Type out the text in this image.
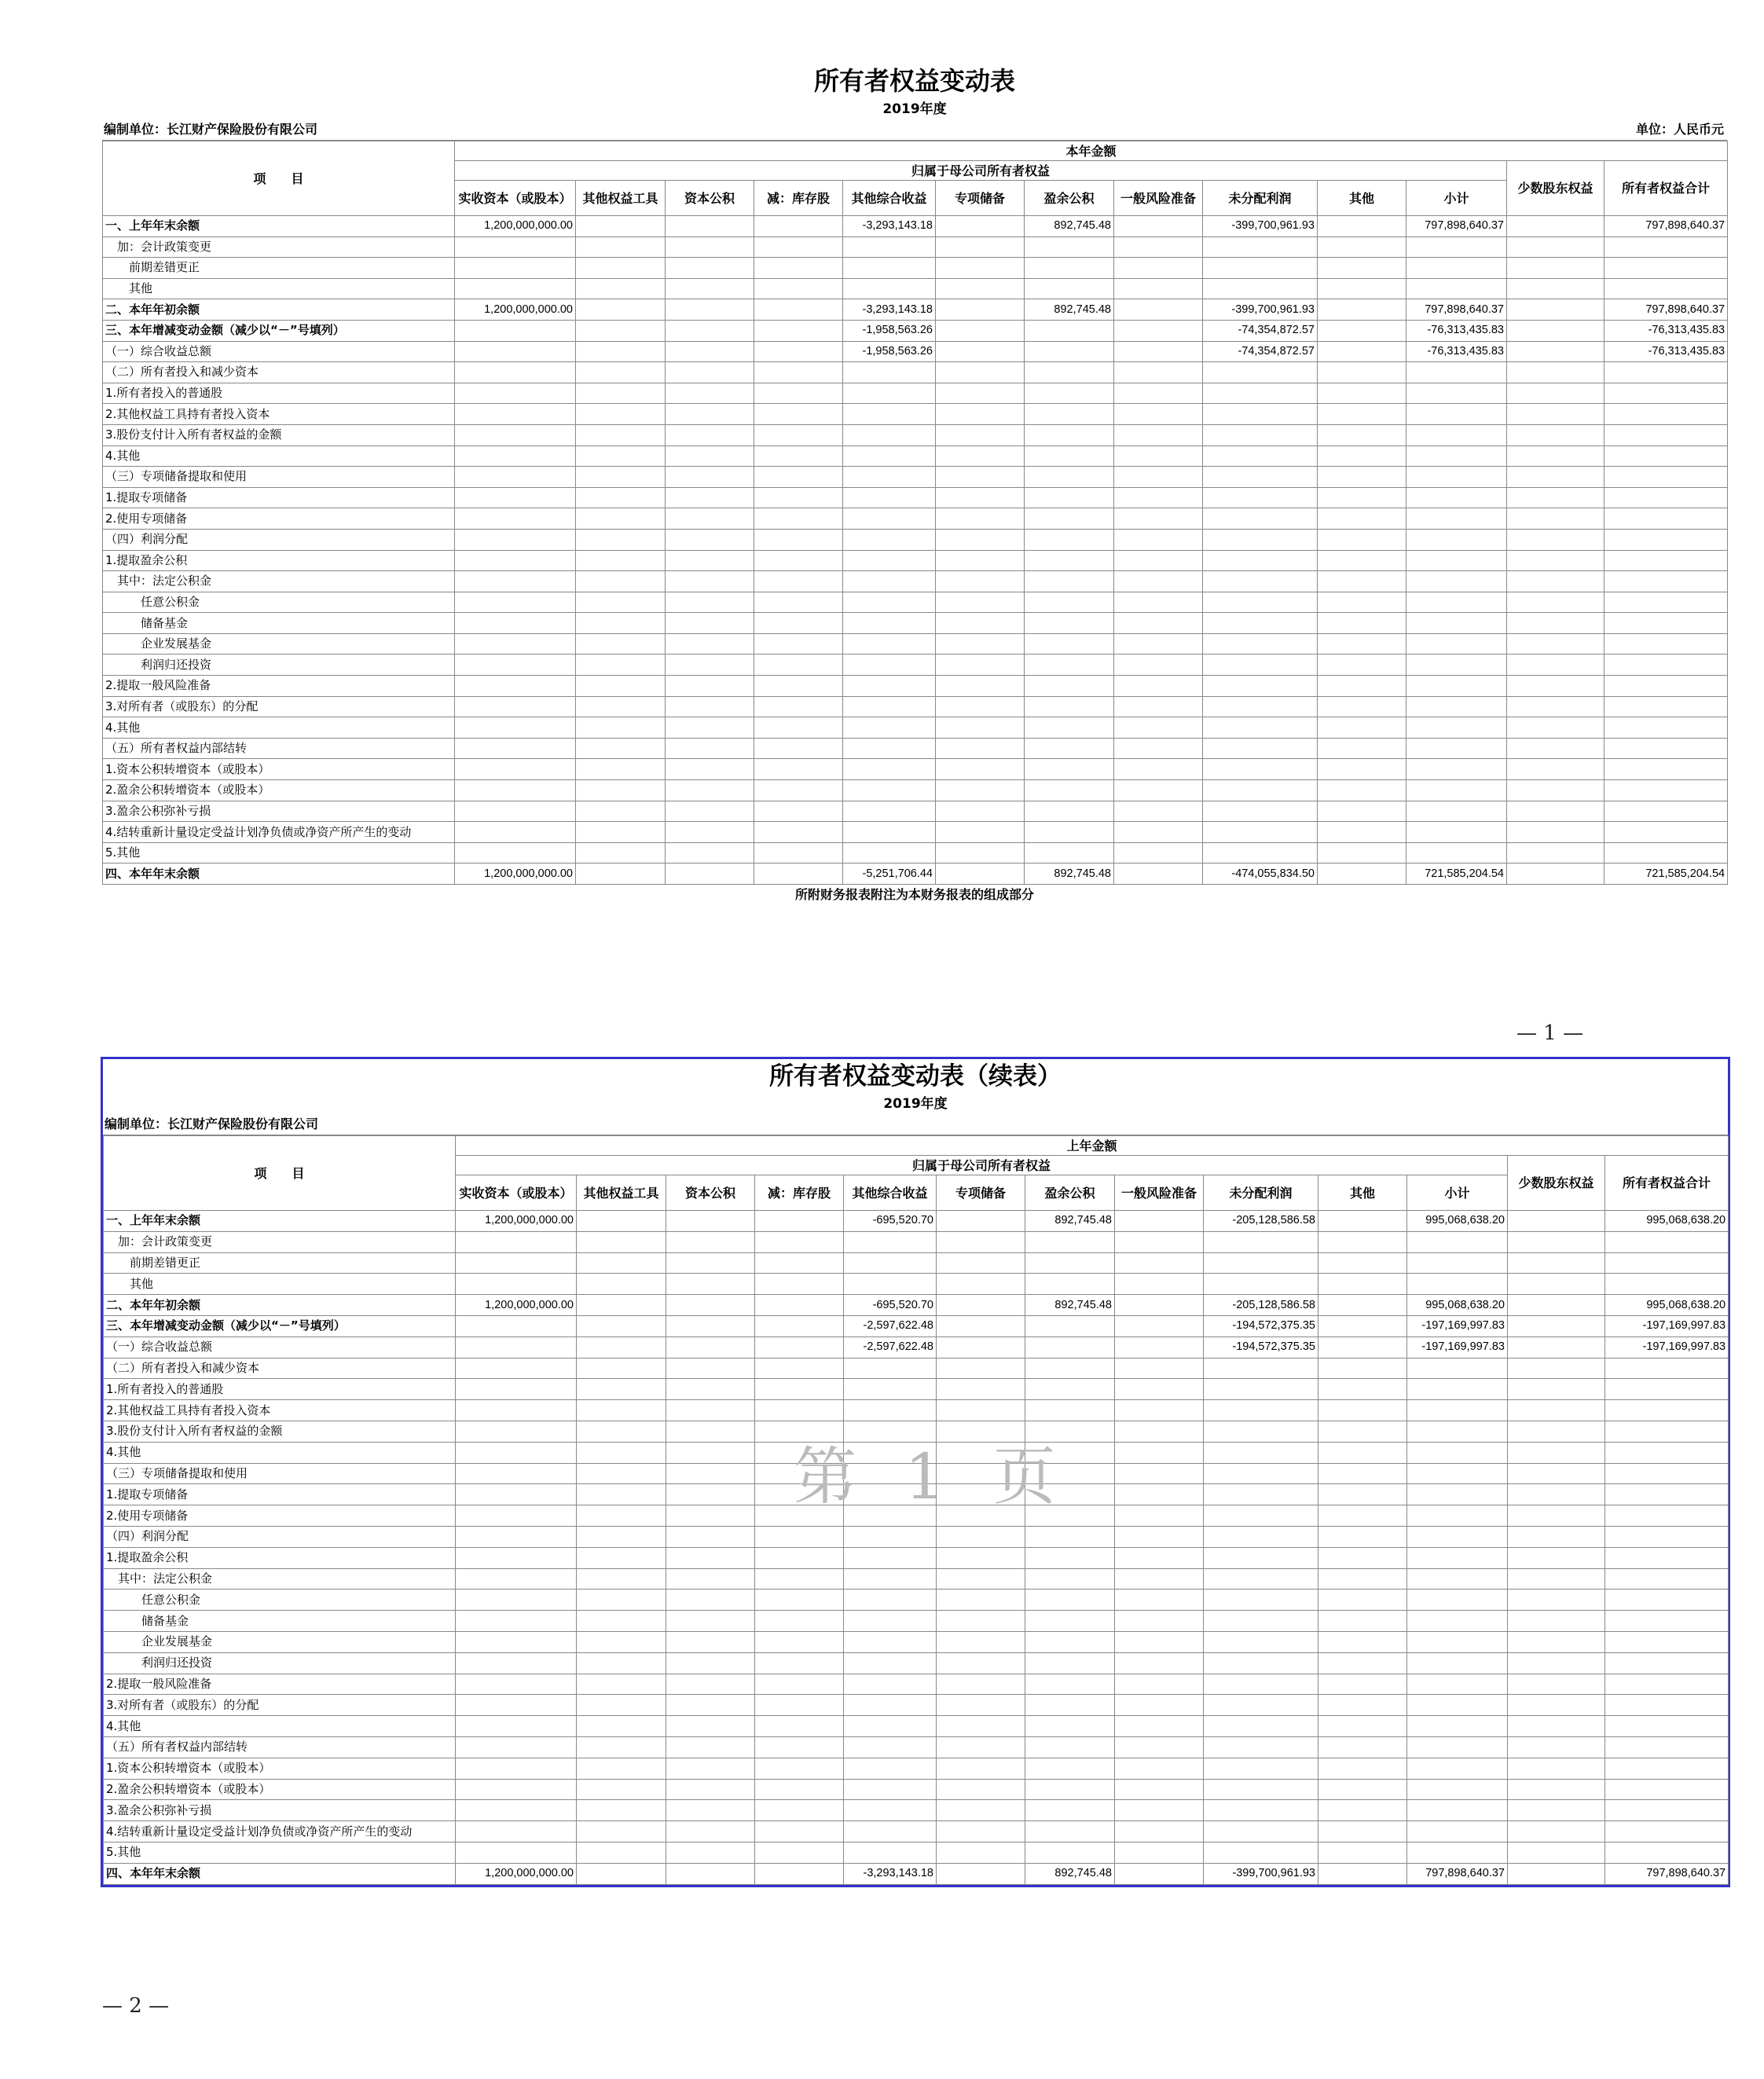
所有者权益变动表
2019年度
编制单位：长江财产保险股份有限公司	单位：人民币元
项　　目	本年金额												
	归属于母公司所有者权益											少数股东权益	所有者权益合计
	实收资本（或股本）	其他权益工具	资本公积	减：库存股	其他综合收益	专项储备	盈余公积	一般风险准备	未分配利润	其他	小计		
一、上年年末余额	1,200,000,000.00				-3,293,143.18		892,745.48		-399,700,961.93		797,898,640.37		797,898,640.37
　加：会计政策变更													
　　前期差错更正													
　　其他													
二、本年年初余额	1,200,000,000.00				-3,293,143.18		892,745.48		-399,700,961.93		797,898,640.37		797,898,640.37
三、本年增减变动金额（减少以“－”号填列）					-1,958,563.26				-74,354,872.57		-76,313,435.83		-76,313,435.83
（一）综合收益总额					-1,958,563.26				-74,354,872.57		-76,313,435.83		-76,313,435.83
（二）所有者投入和减少资本													
1.所有者投入的普通股													
2.其他权益工具持有者投入资本													
3.股份支付计入所有者权益的金额													
4.其他													
（三）专项储备提取和使用													
1.提取专项储备													
2.使用专项储备													
（四）利润分配													
1.提取盈余公积													
　其中：法定公积金													
　　　任意公积金													
　　　储备基金													
　　　企业发展基金													
　　　利润归还投资													
2.提取一般风险准备													
3.对所有者（或股东）的分配													
4.其他													
（五）所有者权益内部结转													
1.资本公积转增资本（或股本）													
2.盈余公积转增资本（或股本）													
3.盈余公积弥补亏损													
4.结转重新计量设定受益计划净负债或净资产所产生的变动													
5.其他													
四、本年年末余额	1,200,000,000.00				-5,251,706.44		892,745.48		-474,055,834.50		721,585,204.54		721,585,204.54
所附财务报表附注为本财务报表的组成部分
— 1 —
所有者权益变动表（续表）
2019年度
编制单位：长江财产保险股份有限公司
项　　目	上年金额												
	归属于母公司所有者权益											少数股东权益	所有者权益合计
	实收资本（或股本）	其他权益工具	资本公积	减：库存股	其他综合收益	专项储备	盈余公积	一般风险准备	未分配利润	其他	小计		
一、上年年末余额	1,200,000,000.00				-695,520.70		892,745.48		-205,128,586.58		995,068,638.20		995,068,638.20
　加：会计政策变更													
　　前期差错更正													
　　其他													
二、本年年初余额	1,200,000,000.00				-695,520.70		892,745.48		-205,128,586.58		995,068,638.20		995,068,638.20
三、本年增减变动金额（减少以“－”号填列）					-2,597,622.48				-194,572,375.35		-197,169,997.83		-197,169,997.83
（一）综合收益总额					-2,597,622.48				-194,572,375.35		-197,169,997.83		-197,169,997.83
（二）所有者投入和减少资本													
1.所有者投入的普通股													
2.其他权益工具持有者投入资本													
3.股份支付计入所有者权益的金额													
4.其他													
（三）专项储备提取和使用													
1.提取专项储备													
2.使用专项储备													
（四）利润分配													
1.提取盈余公积													
　其中：法定公积金													
　　　任意公积金													
　　　储备基金													
　　　企业发展基金													
　　　利润归还投资													
2.提取一般风险准备													
3.对所有者（或股东）的分配													
4.其他													
（五）所有者权益内部结转													
1.资本公积转增资本（或股本）													
2.盈余公积转增资本（或股本）													
3.盈余公积弥补亏损													
4.结转重新计量设定受益计划净负债或净资产所产生的变动													
5.其他													
四、本年年末余额	1,200,000,000.00				-3,293,143.18		892,745.48		-399,700,961.93		797,898,640.37		797,898,640.37
第 1 页
— 2 —
